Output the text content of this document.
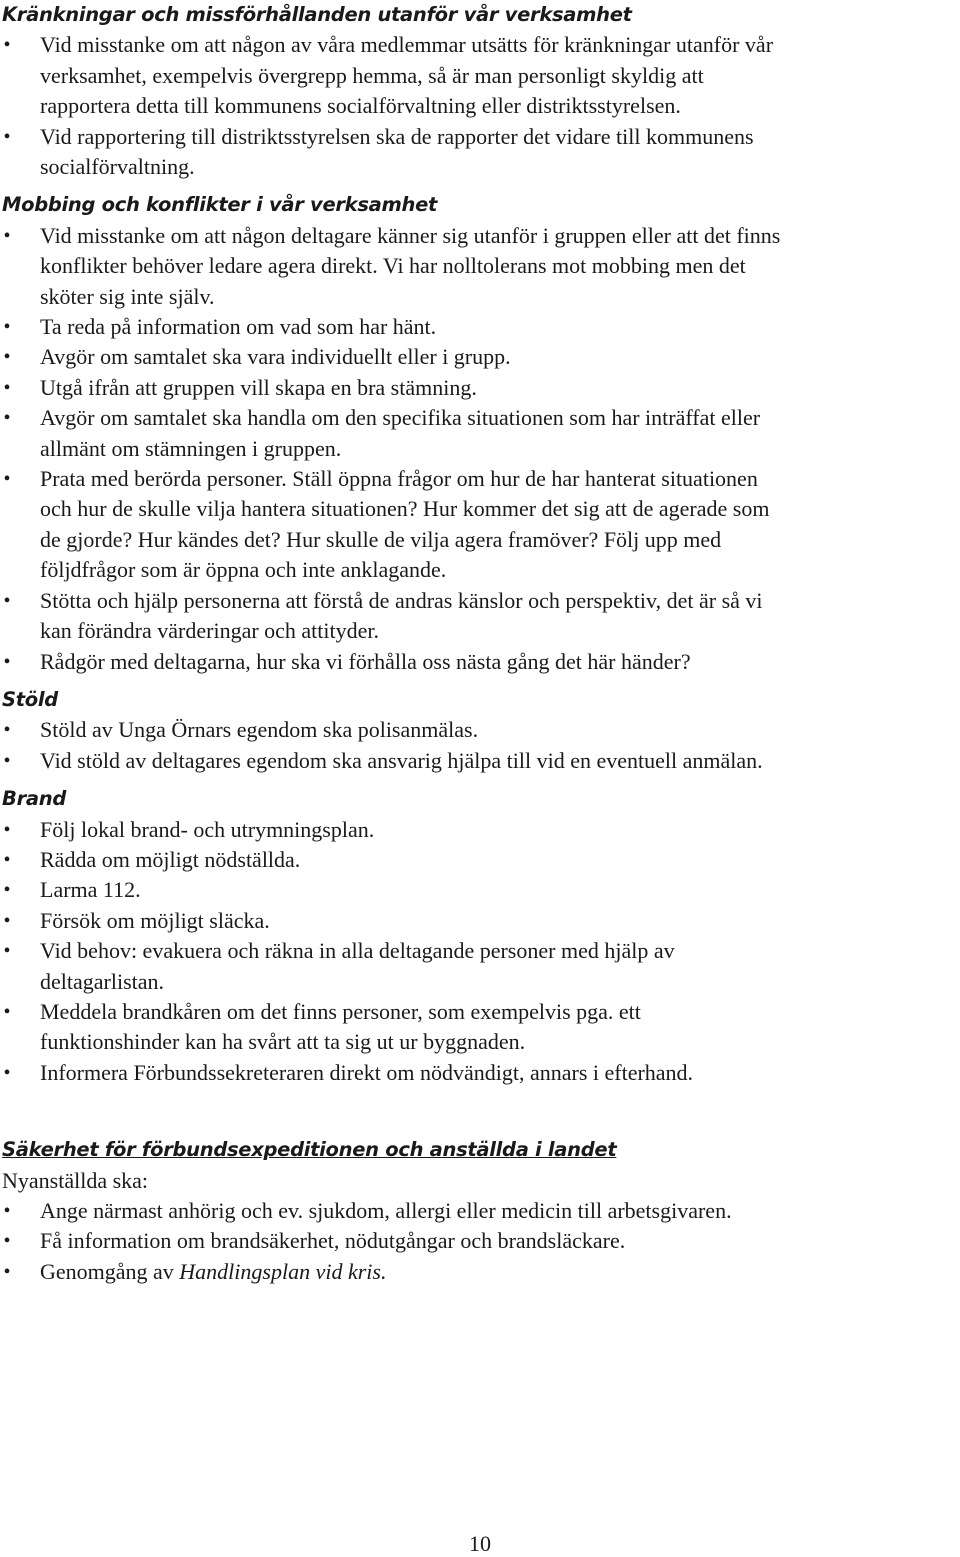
Kränkningar och missförhållanden utanför vår verksamhet

• Vid misstanke om att någon av våra medlemmar utsätts för kränkningar utanför vår
verksamhet, exempelvis övergrepp hemma, så är man personligt skyldig att
rapportera detta till kommunens socialförvaltning eller distriktsstyrelsen.
• Vid rapportering till distriktsstyrelsen ska de rapporter det vidare till kommunens
socialförvaltning.

Mobbing och konflikter i vår verksamhet

• Vid misstanke om att någon deltagare känner sig utanför i gruppen eller att det finns
konflikter behöver ledare agera direkt. Vi har nolltolerans mot mobbing men det
sköter sig inte själv.
• Ta reda på information om vad som har hänt.
• Avgör om samtalet ska vara individuellt eller i grupp.
• Utgå ifrån att gruppen vill skapa en bra stämning.
• Avgör om samtalet ska handla om den specifika situationen som har inträffat eller
allmänt om stämningen i gruppen.
• Prata med berörda personer. Ställ öppna frågor om hur de har hanterat situationen
och hur de skulle vilja hantera situationen? Hur kommer det sig att de agerade som
de gjorde? Hur kändes det? Hur skulle de vilja agera framöver? Följ upp med
följdfrågor som är öppna och inte anklagande.
• Stötta och hjälp personerna att förstå de andras känslor och perspektiv, det är så vi
kan förändra värderingar och attityder.
• Rådgör med deltagarna, hur ska vi förhålla oss nästa gång det här händer?

Stöld

• Stöld av Unga Örnars egendom ska polisanmälas.
• Vid stöld av deltagares egendom ska ansvarig hjälpa till vid en eventuell anmälan.

Brand

• Följ lokal brand- och utrymningsplan.
• Rädda om möjligt nödställda.
• Larma 112.
• Försök om möjligt släcka.
• Vid behov: evakuera och räkna in alla deltagande personer med hjälp av
deltagarlistan.
• Meddela brandkåren om det finns personer, som exempelvis pga. ett
funktionshinder kan ha svårt att ta sig ut ur byggnaden.
• Informera Förbundssekreteraren direkt om nödvändigt, annars i efterhand.

Säkerhet för förbundsexpeditionen och anställda i landet

Nyanställda ska:

• Ange närmast anhörig och ev. sjukdom, allergi eller medicin till arbetsgivaren.
• Få information om brandsäkerhet, nödutgångar och brandsläckare.
• Genomgång av Handlingsplan vid kris.
10
